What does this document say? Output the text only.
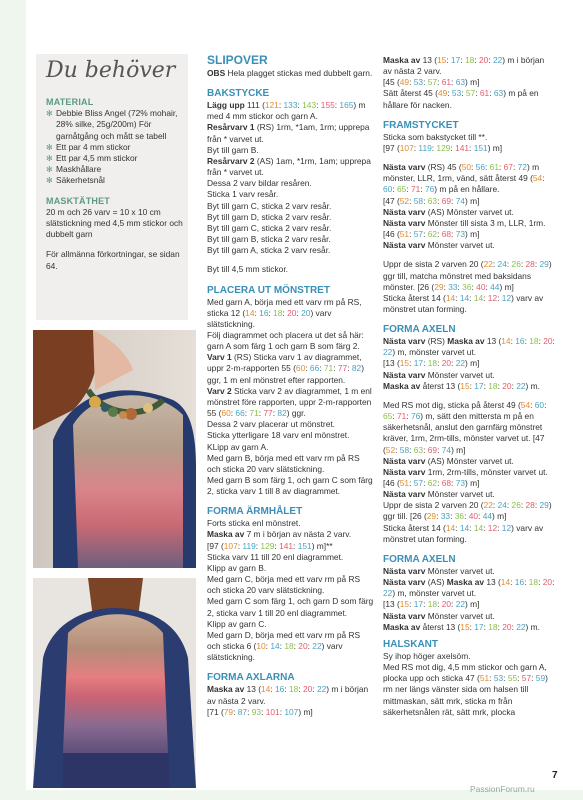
Du behöver
MATERIAL
✻ Debbie Bliss Angel (72% mohair, 28% silke, 25g/200m) För garnåtgång och mått se tabell
✻ Ett par 4 mm stickor
✻ Ett par 4,5 mm stickor
✻ Maskhållare
✻ Säkerhetsnål
MASKTÄTHET
20 m och 26 varv = 10 x 10 cm slätstickning med 4,5 mm stickor och dubbelt garn
För allmänna förkortningar, se sidan 64.

SLIPOVER

OBS Hela plagget stickas med dubbelt garn.

BAKSTYCKE

Lägg upp 111 (121: 133: 143: 155: 165) m med 4 mm stickor och garn A.

Resårvarv 1 (RS) 1rm, *1am, 1rm; upprepa från * varvet ut.

Byt till garn B.

Resårvarv 2 (AS) 1am, *1rm, 1am; upprepa från * varvet ut.

Dessa 2 varv bildar resåren.

Sticka 1 varv resår.

Byt till garn C, sticka 2 varv resår.

Byt till garn D, sticka 2 varv resår.

Byt till garn C, sticka 2 varv resår.

Byt till garn B, sticka 2 varv resår.

Byt till garn A, sticka 2 varv resår.

Byt till 4,5 mm stickor.

PLACERA UT MÖNSTRET

Med garn A, börja med ett varv rm på RS, sticka 12 (14: 16: 18: 20: 20) varv slätstickning.

Följ diagrammet och placera ut det så här: garn A som färg 1 och garn B som färg 2.

Varv 1 (RS) Sticka varv 1 av diagrammet, uppr 2-m-rapporten 55 (60: 66: 71: 77: 82) ggr, 1 m enl mönstret efter rapporten.

Varv 2 Sticka varv 2 av diagrammet, 1 m enl mönstret före rapporten, uppr 2-m-rapporten 55 (60: 66: 71: 77: 82) ggr.

Dessa 2 varv placerar ut mönstret.

Sticka ytterligare 18 varv enl mönstret.

KLipp av garn A.

Med garn B, börja med ett varv rm på RS och sticka 20 varv slätstickning.

Med garn B som färg 1, och garn C som färg 2, sticka varv 1 till 8 av diagrammet.

FORMA ÄRMHÅLET

Forts sticka enl mönstret.

Maska av 7 m i början av nästa 2 varv.

[97 (107: 119: 129: 141: 151) m]**

Sticka varv 11 till 20 enl diagrammet.

Klipp av garn B.

Med garn C, börja med ett varv rm på RS och sticka 20 varv slätstickning.

Med garn C som färg 1, och garn D som färg 2, sticka varv 1 till 20 enl diagrammet.

Klipp av garn C.

Med garn D, börja med ett varv rm på RS och sticka 6 (10: 14: 18: 20: 22) varv slätstickning.

FORMA AXLARNA

Maska av 13 (14: 16: 18: 20: 22) m i början av nästa 2 varv.

[71 (79: 87: 93: 101: 107) m]

Maska av 13 (15: 17: 18: 20: 22) m i början av nästa 2 varv.

[45 (49: 53: 57: 61: 63) m]

Sätt återst 45 (49: 53: 57: 61: 63) m på en hållare för nacken.

FRAMSTYCKET

Sticka som bakstycket till **.

[97 (107: 119: 129: 141: 151) m]

Nästa varv (RS) 45 (50: 56: 61: 67: 72) m mönster, LLR, 1rm, vänd, sätt återst 49 (54: 60: 65: 71: 76) m på en hållare.

[47 (52: 58: 63: 69: 74) m]

Nästa varv (AS) Mönster varvet ut.

Nästa varv Mönster till sista 3 m, LLR, 1rm. [46 (51: 57: 62: 68: 73) m]

Nästa varv Mönster varvet ut.

Uppr de sista 2 varven 20 (22: 24: 26: 28: 29) ggr till, matcha mönstret med baksidans mönster. [26 (29: 33: 36: 40: 44) m]

Sticka återst 14 (14: 14: 14: 12: 12) varv av mönstret utan forming.

FORMA AXELN

Nästa varv (RS) Maska av 13 (14: 16: 18: 20: 22) m, mönster varvet ut.

[13 (15: 17: 18: 20: 22) m]

Nästa varv Mönster varvet ut.

Maska av återst 13 (15: 17: 18: 20: 22) m.

Med RS mot dig, sticka på återst 49 (54: 60: 65: 71: 76) m, sätt den mittersta m på en säkerhetsnål, anslut den garnfärg mönstret kräver, 1rm, 2rm-tills, mönster varvet ut. [47 (52: 58: 63: 69: 74) m]

Nästa varv (AS) Mönster varvet ut.

Nästa varv 1rm, 2rm-tills, mönster varvet ut. [46 (51: 57: 62: 68: 73) m]

Nästa varv Mönster varvet ut.

Uppr de sista 2 varven 20 (22: 24: 26: 28: 29) ggr till. [26 (29: 33: 36: 40: 44) m]

Sticka återst 14 (14: 14: 14: 12: 12) varv av mönstret utan forming.

FORMA AXELN

Nästa varv Mönster varvet ut.

Nästa varv (AS) Maska av 13 (14: 16: 18: 20: 22) m, mönster varvet ut.

[13 (15: 17: 18: 20: 22) m]

Nästa varv Mönster varvet ut.

Maska av återst 13 (15: 17: 18: 20: 22) m.

HALSKANT

Sy ihop höger axelsöm.

Med RS mot dig, 4,5 mm stickor och garn A, plocka upp och sticka 47 (51: 53: 55: 57: 59) rm ner längs vänster sida om halsen till mittmaskan, sätt mrk, sticka m från säkerhetsnålen rät, sätt mrk, plocka

7
PassionForum.ru
